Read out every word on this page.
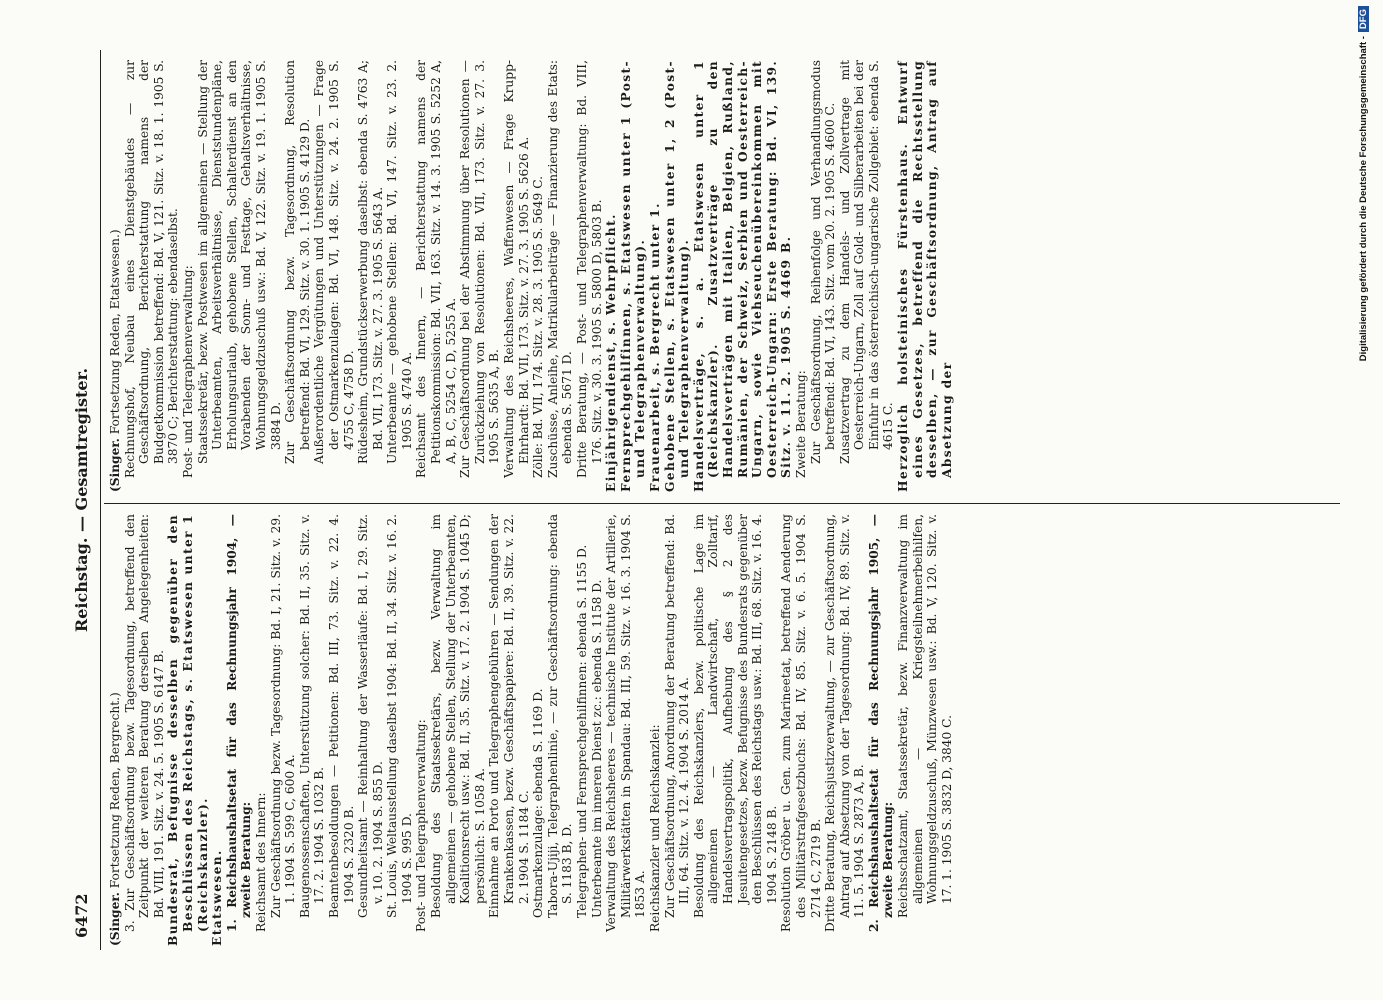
6472
Reichstag. — Gesamtregister.

(Singer. Fortsetzung Reden, Bergrecht.) 3. Zur Geschäftsordnung bezw. Tagesordnung, betreffend den Zeitpunkt der weiteren Beratung derselben Angelegenheiten: Bd. VIII, 191. Sitz. v. 24. 5. 1905 S. 6147 B. Bundesrat, Befugnisse desselben gegenüber den Beschlüssen des Reichstags, s. Etatswesen unter 1 (Reichskanzler). Etatswesen. 1. Reichshaushaltsetat für das Rechnungsjahr 1904, — zweite Beratung: Reichsamt des Innern: Zur Geschäftsordnung bezw. Tagesordnung: Bd. I, 21. Sitz. v. 29. 1. 1904 S. 599 C, 600 A. Baugenossenschaften, Unterstützung solcher: Bd. II, 35. Sitz. v. 17. 2. 1904 S. 1032 B. Beamtenbesoldungen — Petitionen: Bd. III, 73. Sitz. v. 22. 4. 1904 S. 2320 B. Gesundheitsamt — Reinhaltung der Wasserläufe: Bd. I, 29. Sitz. v. 10. 2. 1904 S. 855 D. St. Louis, Weltausstellung daselbst 1904: Bd. II, 34. Sitz. v. 16. 2. 1904 S. 995 D. Post- und Telegraphenverwaltung: Besoldung des Staatssekretärs, bezw. Verwaltung im allgemeinen — gehobene Stellen, Stellung der Unterbeamten, Koalitionsrecht usw.: Bd. II, 35. Sitz. v. 17. 2. 1904 S. 1045 D; persönlich: S. 1058 A. Einnahme an Porto und Telegraphengebühren — Sendungen der Krankenkassen, bezw. Geschäftspapiere: Bd. II, 39. Sitz. v. 22. 2. 1904 S. 1184 C. Ostmarkenzulage: ebenda S. 1169 D. Tabora-Ujiji, Telegraphenlinie, — zur Geschäftsordnung: ebenda S. 1183 B, D. Telegraphen- und Fernsprechgehilfinnen: ebenda S. 1155 D. Unterbeamte im inneren Dienst zc.: ebenda S. 1158 D. Verwaltung des Reichsheeres — technische Institute der Artillerie, Militärwerkstätten in Spandau: Bd. III, 59. Sitz. v. 16. 3. 1904 S. 1853 A. Reichskanzler und Reichskanzlei: Zur Geschäftsordnung, Anordnung der Beratung betreffend: Bd. III, 64. Sitz. v. 12. 4. 1904 S. 2014 A. Besoldung des Reichskanzlers, bezw. politische Lage im allgemeinen — Landwirtschaft, Zolltarif, Handelsvertragspolitik, Aufhebung des § 2 des Jesuitengesetzes, bezw. Befugnisse des Bundesrats gegenüber den Beschlüssen des Reichstags usw.: Bd. III, 68. Sitz. v. 16. 4. 1904 S. 2148 B. Resolution Gröber u. Gen. zum Marineetat, betreffend Aenderung des Militärstrafgesetzbuchs: Bd. IV, 85. Sitz. v. 6. 5. 1904 S. 2714 C, 2719 B. Dritte Beratung, Reichsjustizverwaltung, — zur Geschäftsordnung, Antrag auf Absetzung von der Tagesordnung: Bd. IV, 89. Sitz. v. 11. 5. 1904 S. 2873 A, B. 2. Reichshaushaltsetat für das Rechnungsjahr 1905, — zweite Beratung: Reichsschatzamt, Staatssekretär, bezw. Finanzverwaltung im allgemeinen — Kriegsteilnehmerbeihilfen, Wohnungsgeldzuschuß, Münzwesen usw.: Bd. V, 120. Sitz. v. 17. 1. 1905 S. 3832 D, 3840 C.

(Singer. Fortsetzung Reden, Etatswesen.) Rechnungshof, Neubau eines Dienstgebäudes — zur Geschäftsordnung, Berichterstattung namens der Budgetkommission betreffend: Bd. V, 121. Sitz. v. 18. 1. 1905 S. 3870 C; Berichterstattung: ebendaselbst. Post- und Telegraphenverwaltung: Staatssekretär, bezw. Postwesen im allgemeinen — Stellung der Unterbeamten, Arbeitsverhältnisse, Dienststundenpläne, Erholungsurlaub, gehobene Stellen, Schalterdienst an den Vorabenden der Sonn- und Festtage, Gehaltsverhältnisse, Wohnungsgeldzuschuß usw.: Bd. V, 122. Sitz. v. 19. 1. 1905 S. 3884 D. Zur Geschäftsordnung bezw. Tagesordnung, Resolution betreffend: Bd. VI, 129. Sitz. v. 30. 1. 1905 S. 4129 D. Außerordentliche Vergütungen und Unterstützungen — Frage der Ostmarkenzulagen: Bd. VI, 148. Sitz. v. 24. 2. 1905 S. 4755 C, 4758 D. Rüdesheim, Grundstückserwerbung daselbst: ebenda S. 4763 A; Bd. VII, 173. Sitz. v. 27. 3. 1905 S. 5643 A. Unterbeamte — gehobene Stellen: Bd. VI, 147. Sitz. v. 23. 2. 1905 S. 4740 A. Reichsamt des Innern, — Berichterstattung namens der Petitionskommission: Bd. VII, 163. Sitz. v. 14. 3. 1905 S. 5252 A, A, B, C, 5254 C, D, 5255 A. Zur Geschäftsordnung bei der Abstimmung über Resolutionen — Zurückziehung von Resolutionen: Bd. VII, 173. Sitz. v. 27. 3. 1905 S. 5635 A, B. Verwaltung des Reichsheeres, Waffenwesen — Frage Krupp-Ehrhardt: Bd. VII, 173. Sitz. v. 27. 3. 1905 S. 5626 A. Zölle: Bd. VII, 174. Sitz. v. 28. 3. 1905 S. 5649 C. Zuschüsse, Anleihe, Matrikularbeiträge — Finanzierung des Etats: ebenda S. 5671 D. Dritte Beratung, — Post- und Telegraphenverwaltung: Bd. VIII, 176. Sitz. v. 30. 3. 1905 S. 5800 D, 5803 B. Einjährigendienst, s. Wehrpflicht. Fernsprechgehilfinnen, s. Etatswesen unter 1 (Post- und Telegraphenverwaltung). Frauenarbeit, s. Bergrecht unter 1. Gehobene Stellen, s. Etatswesen unter 1, 2 (Post- und Telegraphenverwaltung). Handelsverträge, s. a. Etatswesen unter 1 (Reichskanzler). Zusatzverträge zu den Handelsverträgen mit Italien, Belgien, Rußland, Rumänien, der Schweiz, Serbien und Oesterreich-Ungarn, sowie Viehseuchenübereinkommen mit Oesterreich-Ungarn: Erste Beratung: Bd. VI, 139. Sitz. v. 11. 2. 1905 S. 4469 B. Zweite Beratung: Zur Geschäftsordnung, Reihenfolge und Verhandlungsmodus betreffend: Bd. VI, 143. Sitz. vom 20. 2. 1905 S. 4600 C. Zusatzvertrag zu dem Handels- und Zollvertrage mit Oesterreich-Ungarn, Zoll auf Gold- und Silberarbeiten bei der Einfuhr in das österreichisch-ungarische Zollgebiet: ebenda S. 4615 C. Herzoglich holsteinisches Fürstenhaus. Entwurf eines Gesetzes, betreffend die Rechtsstellung desselben, — zur Geschäftsordnung, Antrag auf Absetzung der

Digitalisierung gefördert durch die Deutsche Forschungsgemeinschaft -DFG
